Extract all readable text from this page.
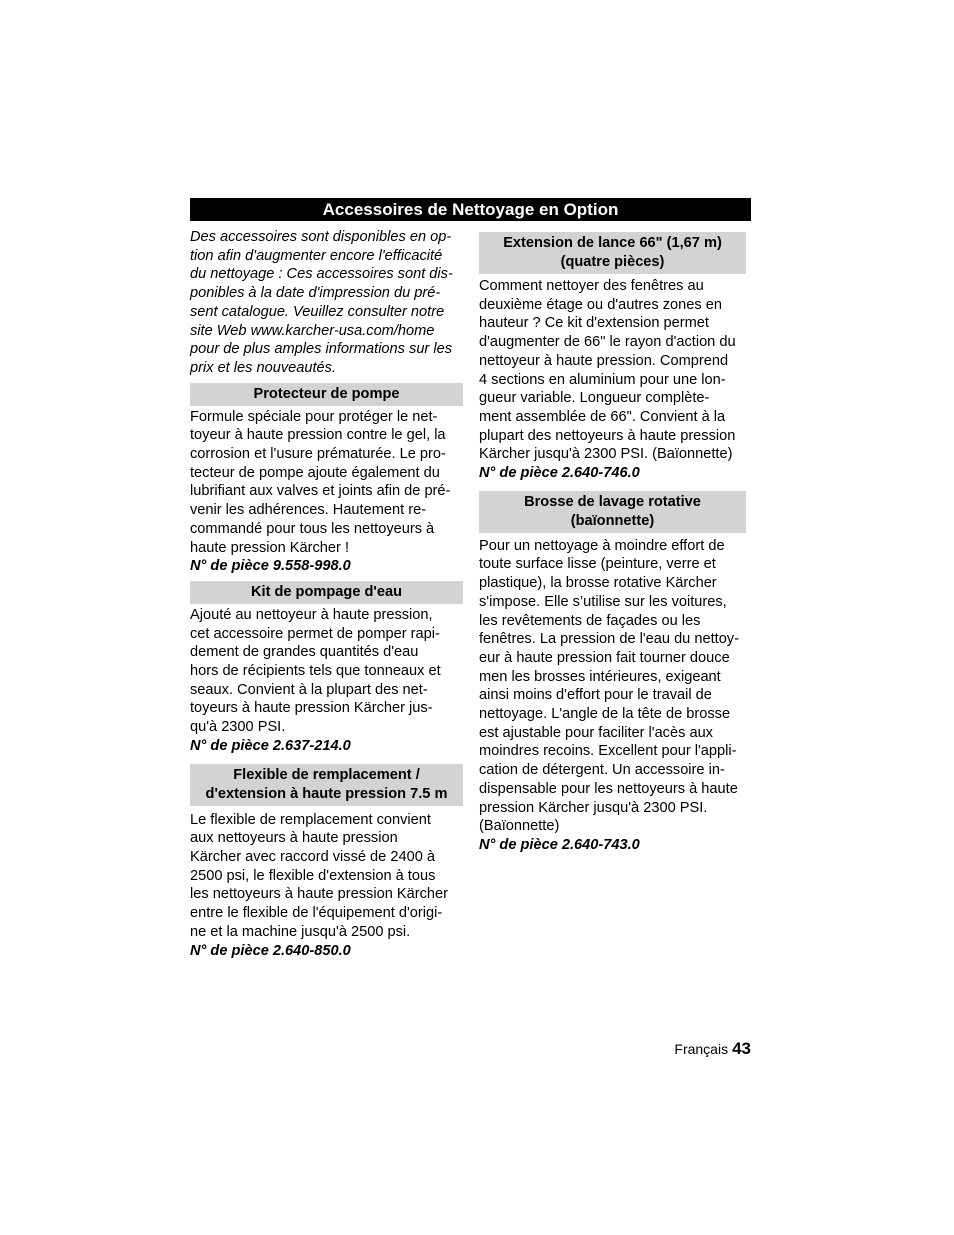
Accessoires de Nettoyage en Option
Des accessoires sont disponibles en op-
tion afin d'augmenter encore l'efficacité
du nettoyage : Ces accessoires sont dis-
ponibles à la date d'impression du pré-
sent catalogue. Veuillez consulter notre
site Web www.karcher-usa.com/home
pour de plus amples informations sur les
prix et les nouveautés.
Protecteur de pompe
Formule spéciale pour protéger le net-
toyeur à haute pression contre le gel, la
corrosion et l'usure prématurée. Le pro-
tecteur de pompe ajoute également du
lubrifiant aux valves et joints afin de pré-
venir les adhérences. Hautement re-
commandé pour tous les nettoyeurs à
haute pression Kärcher !
N° de pièce 9.558-998.0
Kit de pompage d'eau
Ajouté au nettoyeur à haute pression,
cet accessoire permet de pomper rapi-
dement de grandes quantités d'eau
hors de récipients tels que tonneaux et
seaux. Convient à la plupart des net-
toyeurs à haute pression Kärcher jus-
qu'à 2300 PSI.
N° de pièce 2.637-214.0
Flexible de remplacement /
d'extension à haute pression 7.5 m
Le flexible de remplacement convient
aux nettoyeurs à haute pression
Kärcher avec raccord vissé de 2400 à
2500 psi, le flexible d'extension à tous
les nettoyeurs à haute pression Kärcher
entre le flexible de l'équipement d'origi-
ne et la machine jusqu'à 2500 psi.
N° de pièce 2.640-850.0
Extension de lance 66" (1,67 m)
(quatre pièces)
Comment nettoyer des fenêtres au
deuxième étage ou d'autres zones en
hauteur ? Ce kit d'extension permet
d'augmenter de 66" le rayon d'action du
nettoyeur à haute pression. Comprend
4 sections en aluminium pour une lon-
gueur variable. Longueur complète-
ment assemblée de 66". Convient à la
plupart des nettoyeurs à haute pression
Kärcher jusqu'à 2300 PSI. (Baïonnette)
N° de pièce 2.640-746.0
Brosse de lavage rotative
(baïonnette)
Pour un nettoyage à moindre effort de
toute surface lisse (peinture, verre et
plastique), la brosse rotative Kärcher
s'impose. Elle s’utilise sur les voitures,
les revêtements de façades ou les
fenêtres. La pression de l'eau du nettoy-
eur à haute pression fait tourner douce
men les brosses intérieures, exigeant
ainsi moins d'effort pour le travail de
nettoyage. L'angle de la tête de brosse
est ajustable pour faciliter l'acès aux
moindres recoins. Excellent pour l'appli-
cation de détergent. Un accessoire in-
dispensable pour les nettoyeurs à haute
pression Kärcher jusqu'à 2300 PSI.
(Baïonnette)
N° de pièce 2.640-743.0
Français 43
